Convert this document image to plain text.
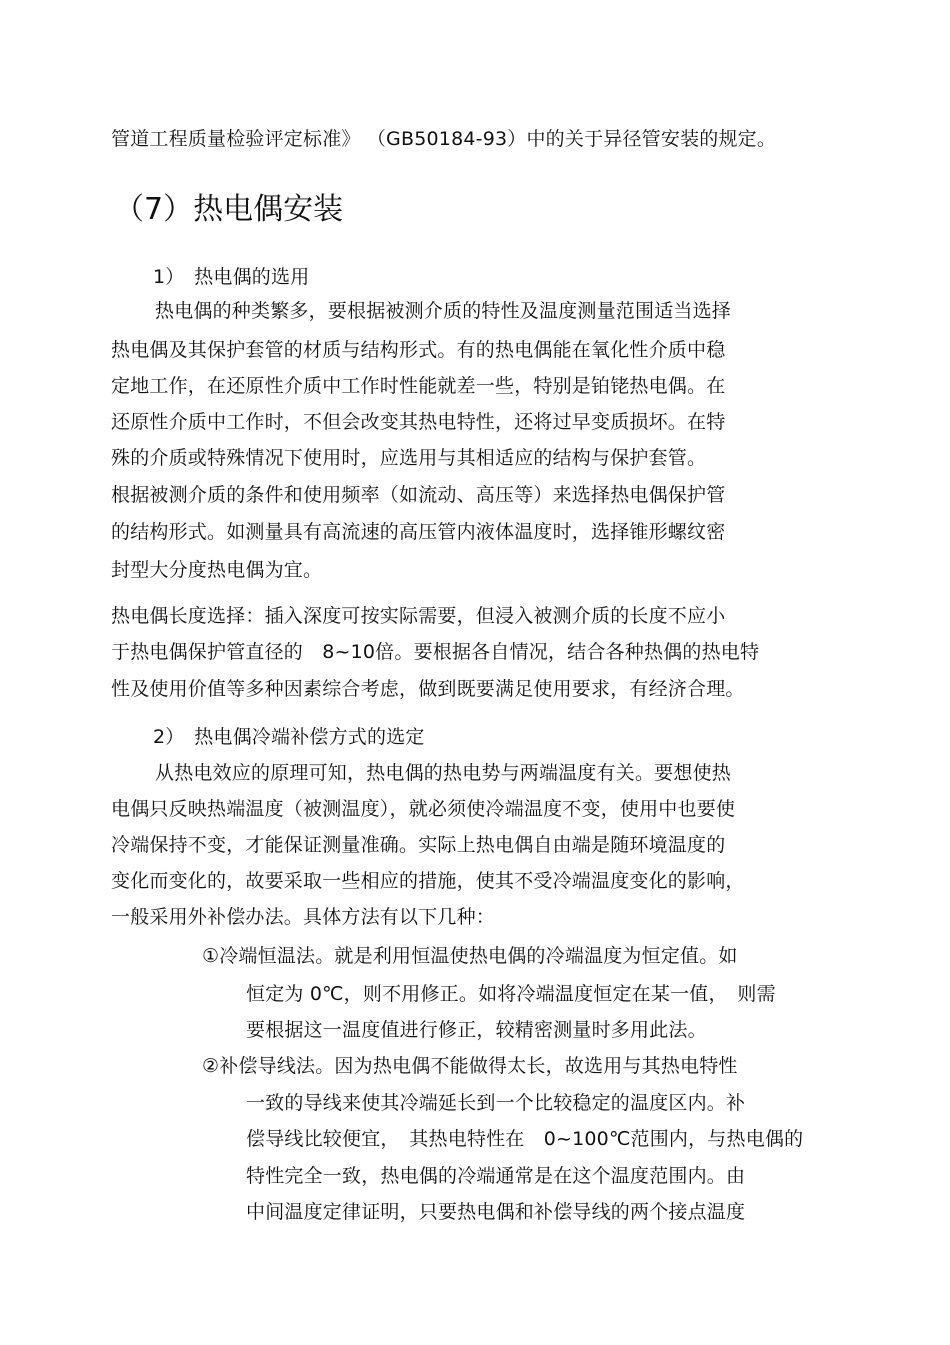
管道工程质量检验评定标准》 （GB50184-93）中的关于异径管安装的规定。
（7）热电偶安装
1）　热电偶的选用
热电偶的种类繁多，要根据被测介质的特性及温度测量范围适当选择
热电偶及其保护套管的材质与结构形式。有的热电偶能在氧化性介质中稳
定地工作，在还原性介质中工作时性能就差一些，特别是铂铑热电偶。在
还原性介质中工作时，不但会改变其热电特性，还将过早变质损坏。在特
殊的介质或特殊情况下使用时，应选用与其相适应的结构与保护套管。
根据被测介质的条件和使用频率（如流动、高压等）来选择热电偶保护管
的结构形式。如测量具有高流速的高压管内液体温度时，选择锥形螺纹密
封型大分度热电偶为宜。
热电偶长度选择：插入深度可按实际需要，但浸入被测介质的长度不应小
于热电偶保护管直径的　8~10倍。要根据各自情况，结合各种热偶的热电特
性及使用价值等多种因素综合考虑，做到既要满足使用要求，有经济合理。
2）　热电偶冷端补偿方式的选定
从热电效应的原理可知，热电偶的热电势与两端温度有关。要想使热
电偶只反映热端温度（被测温度），就必须使冷端温度不变，使用中也要使
冷端保持不变，才能保证测量准确。实际上热电偶自由端是随环境温度的
变化而变化的，故要采取一些相应的措施，使其不受冷端温度变化的影响，
一般采用外补偿办法。具体方法有以下几种：
①冷端恒温法。就是利用恒温使热电偶的冷端温度为恒定值。如
恒定为 0℃，则不用修正。如将冷端温度恒定在某一值，　则需
要根据这一温度值进行修正，较精密测量时多用此法。
②补偿导线法。因为热电偶不能做得太长，故选用与其热电特性
一致的导线来使其冷端延长到一个比较稳定的温度区内。补
偿导线比较便宜，　其热电特性在　0~100℃范围内，与热电偶的
特性完全一致，热电偶的冷端通常是在这个温度范围内。由
中间温度定律证明，只要热电偶和补偿导线的两个接点温度
